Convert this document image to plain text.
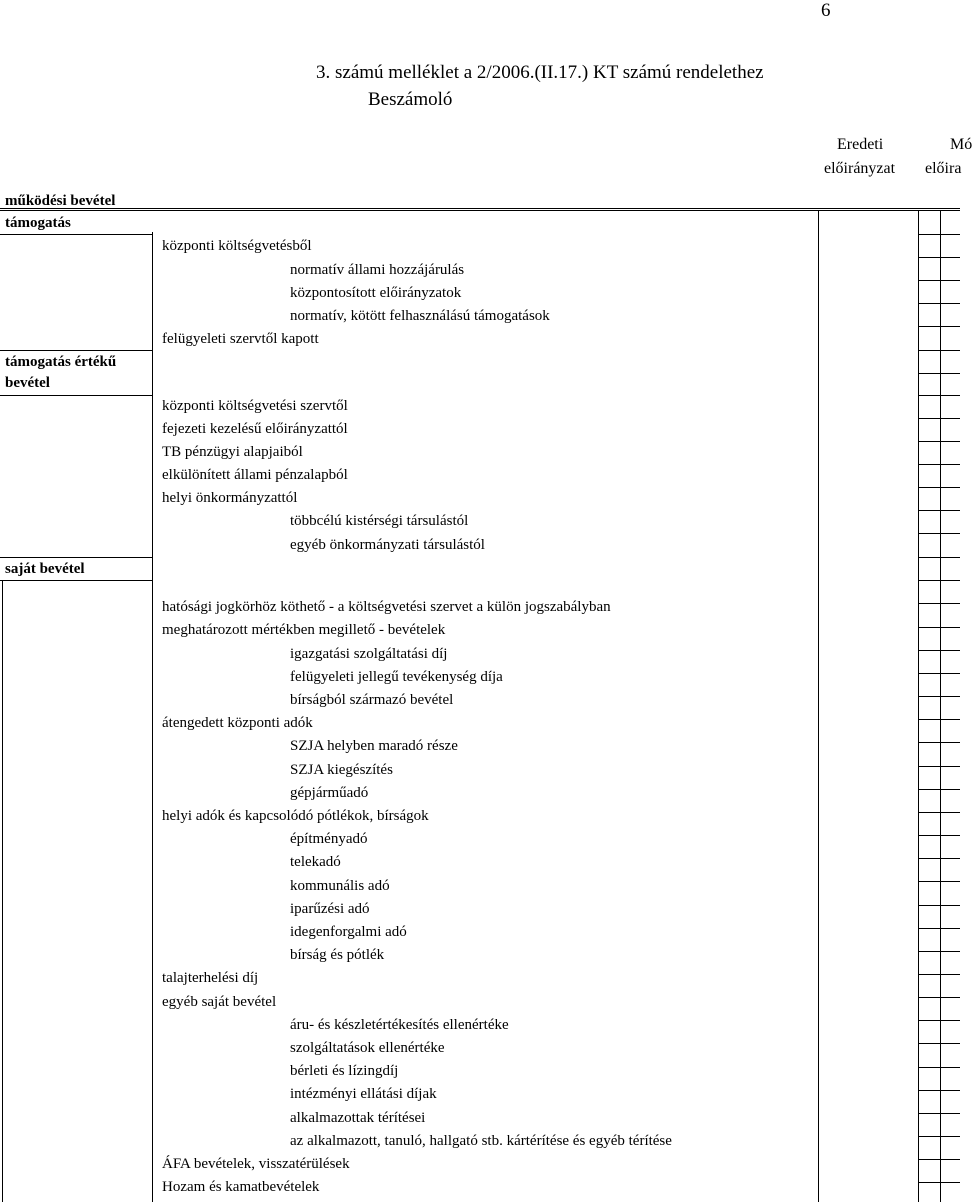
6
3. számú melléklet a 2/2006.(II.17.) KT számú rendelethez
Beszámoló
Eredeti
előirányzat
Mó
előira
működési bevétel
támogatás
támogatás értékű
bevétel
saját bevétel
központi költségvetésből
normatív állami hozzájárulás
központosított előirányzatok
normatív, kötött felhasználású támogatások
felügyeleti szervtől kapott
központi költségvetési szervtől
fejezeti kezelésű előirányzattól
TB pénzügyi alapjaiból
elkülönített állami pénzalapból
helyi önkormányzattól
többcélú kistérségi társulástól
egyéb önkormányzati társulástól
hatósági jogkörhöz köthető - a költségvetési szervet a külön jogszabályban
meghatározott mértékben megillető - bevételek
igazgatási szolgáltatási díj
felügyeleti jellegű tevékenység díja
bírságból származó bevétel
átengedett központi adók
SZJA helyben maradó része
SZJA kiegészítés
gépjárműadó
helyi adók és kapcsolódó pótlékok, bírságok
építményadó
telekadó
kommunális adó
iparűzési adó
idegenforgalmi adó
bírság és pótlék
talajterhelési díj
egyéb saját bevétel
áru- és készletértékesítés ellenértéke
szolgáltatások ellenértéke
bérleti és lízingdíj
intézményi ellátási díjak
alkalmazottak térítései
az alkalmazott, tanuló, hallgató stb. kártérítése és egyéb térítése
ÁFA bevételek, visszatérülések
Hozam és kamatbevételek
